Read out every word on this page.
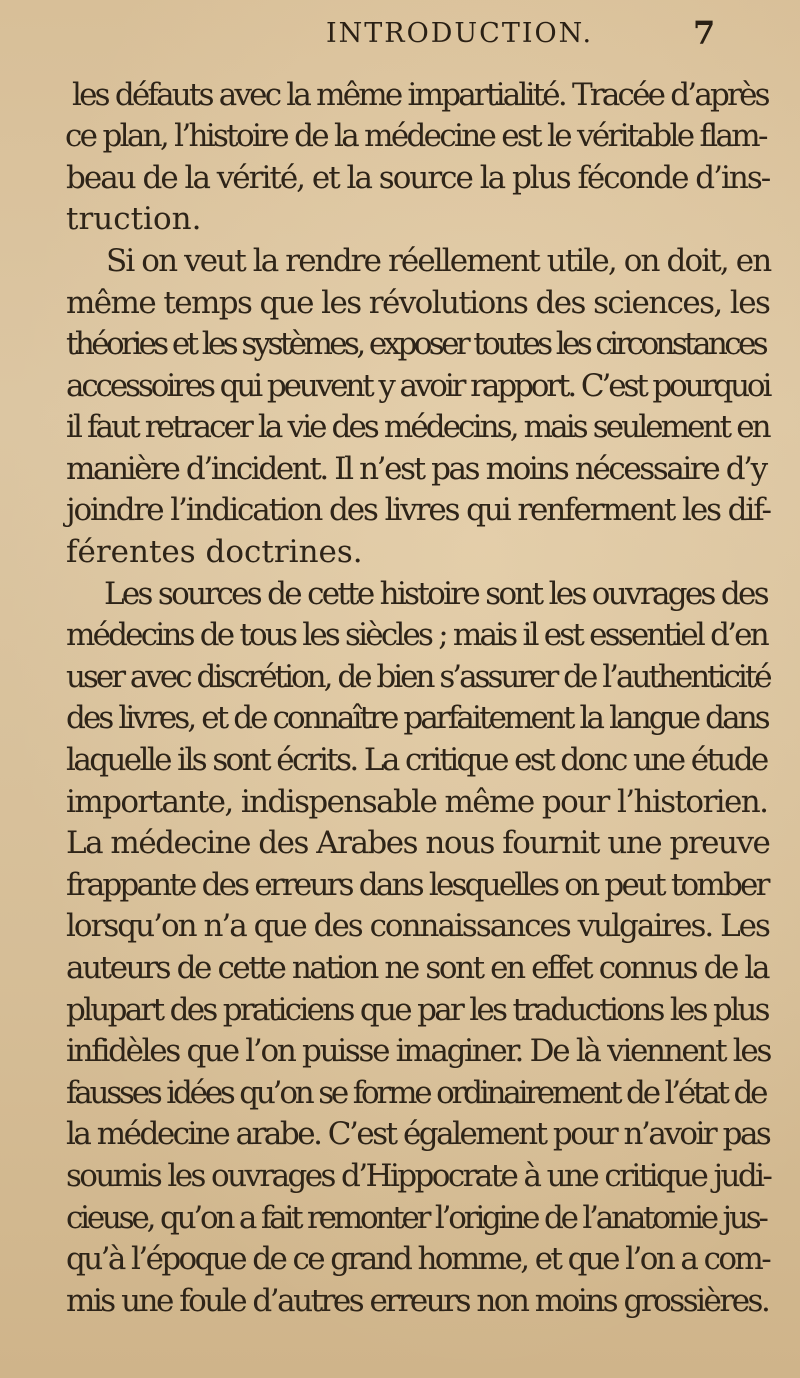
INTRODUCTION.	7
les défauts avec la même impartialité. Tracée d’après
ce plan, l’histoire de la médecine est le véritable flam-
beau de la vérité, et la source la plus féconde d’ins-
truction.
Si on veut la rendre réellement utile, on doit, en
même temps que les révolutions des sciences, les
théories et les systèmes, exposer toutes les circonstances
accessoires qui peuvent y avoir rapport. C’est pourquoi
il faut retracer la vie des médecins, mais seulement en
manière d’incident. Il n’est pas moins nécessaire d’y
joindre l’indication des livres qui renferment les dif-
férentes doctrines.
Les sources de cette histoire sont les ouvrages des
médecins de tous les siècles ; mais il est essentiel d’en
user avec discrétion, de bien s’assurer de l’authenticité
des livres, et de connaître parfaitement la langue dans
laquelle ils sont écrits. La critique est donc une étude
importante, indispensable même pour l’historien.
La médecine des Arabes nous fournit une preuve
frappante des erreurs dans lesquelles on peut tomber
lorsqu’on n’a que des connaissances vulgaires. Les
auteurs de cette nation ne sont en effet connus de la
plupart des praticiens que par les traductions les plus
infidèles que l’on puisse imaginer. De là viennent les
fausses idées qu’on se forme ordinairement de l’état de
la médecine arabe. C’est également pour n’avoir pas
soumis les ouvrages d’Hippocrate à une critique judi-
cieuse, qu’on a fait remonter l’origine de l’anatomie jus-
qu’à l’époque de ce grand homme, et que l’on a com-
mis une foule d’autres erreurs non moins grossières.
